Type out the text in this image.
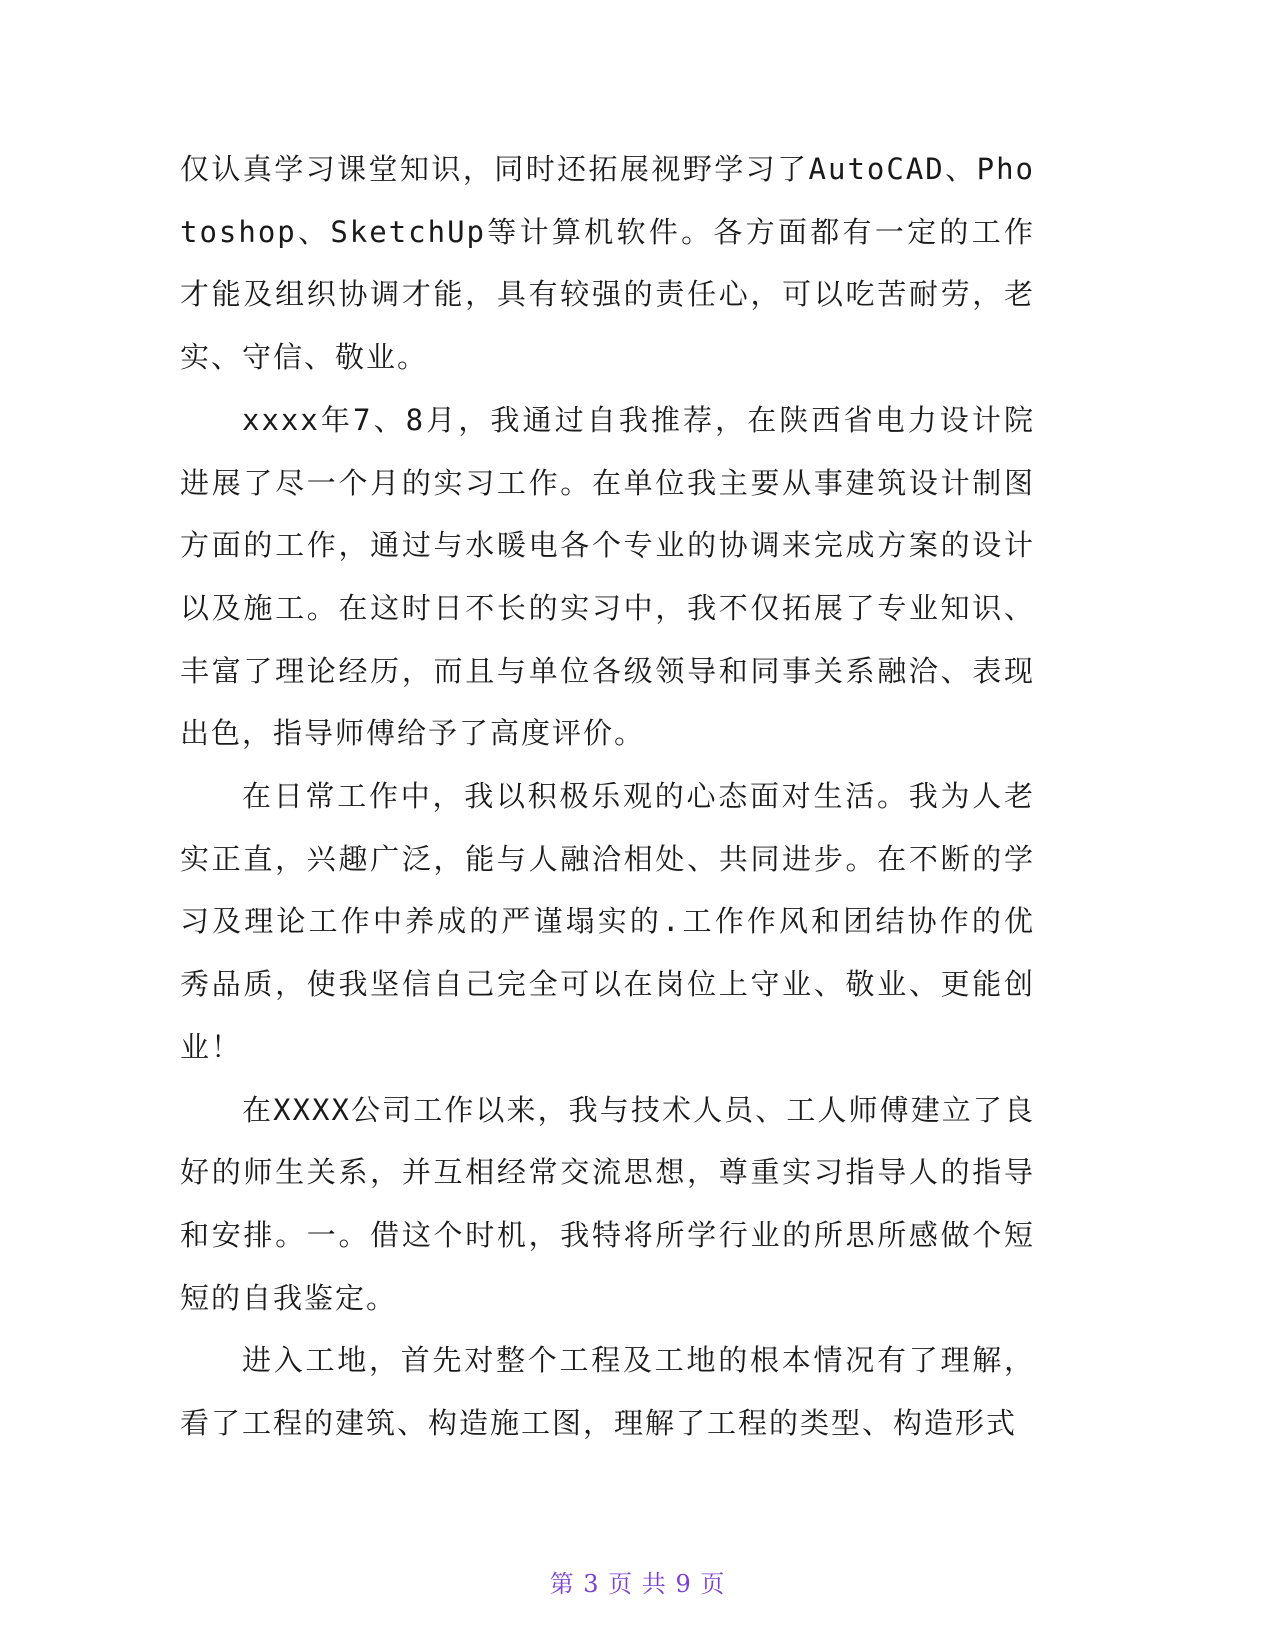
仅认真学习课堂知识，同时还拓展视野学习了AutoCAD、Photoshop、SketchUp等计算机软件。各方面都有一定的工作才能及组织协调才能，具有较强的责任心，可以吃苦耐劳，老实、守信、敬业。

xxxx年7、8月，我通过自我推荐，在陕西省电力设计院进展了尽一个月的实习工作。在单位我主要从事建筑设计制图方面的工作，通过与水暖电各个专业的协调来完成方案的设计以及施工。在这时日不长的实习中，我不仅拓展了专业知识、丰富了理论经历，而且与单位各级领导和同事关系融洽、表现出色，指导师傅给予了高度评价。

在日常工作中，我以积极乐观的心态面对生活。我为人老实正直，兴趣广泛，能与人融洽相处、共同进步。在不断的学习及理论工作中养成的严谨塌实的.工作作风和团结协作的优秀品质，使我坚信自己完全可以在岗位上守业、敬业、更能创业！

在XXXX公司工作以来，我与技术人员、工人师傅建立了良好的师生关系，并互相经常交流思想，尊重实习指导人的指导和安排。一。借这个时机，我特将所学行业的所思所感做个短短的自我鉴定。

进入工地，首先对整个工程及工地的根本情况有了理解，看了工程的建筑、构造施工图，理解了工程的类型、构造形式

第 3 页 共 9 页
